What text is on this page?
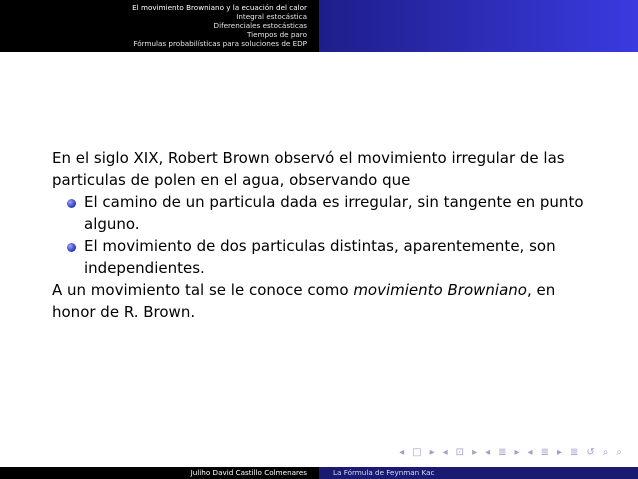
El movimiento Browniano y la ecuación del calor
Integral estocástica
Diferenciales estocásticas
Tiempos de paro
Fórmulas probabilísticas para soluciones de EDP

En el siglo XIX, Robert Brown observó el movimiento irregular de las particulas de polen en el agua, observando que

El camino de un particula dada es irregular, sin tangente en punto alguno.
El movimiento de dos particulas distintas, aparentemente, son independientes.

A un movimiento tal se le conoce como movimiento Browniano, en honor de R. Brown.

◂ □ ▸ ◂ ⊡ ▸ ◂ ≣ ▸ ◂ ≣ ▸ ≣ ↺ ⌕ ⌕
Juliho David Castillo Colmenares	La Fórmula de Feynman Kac
